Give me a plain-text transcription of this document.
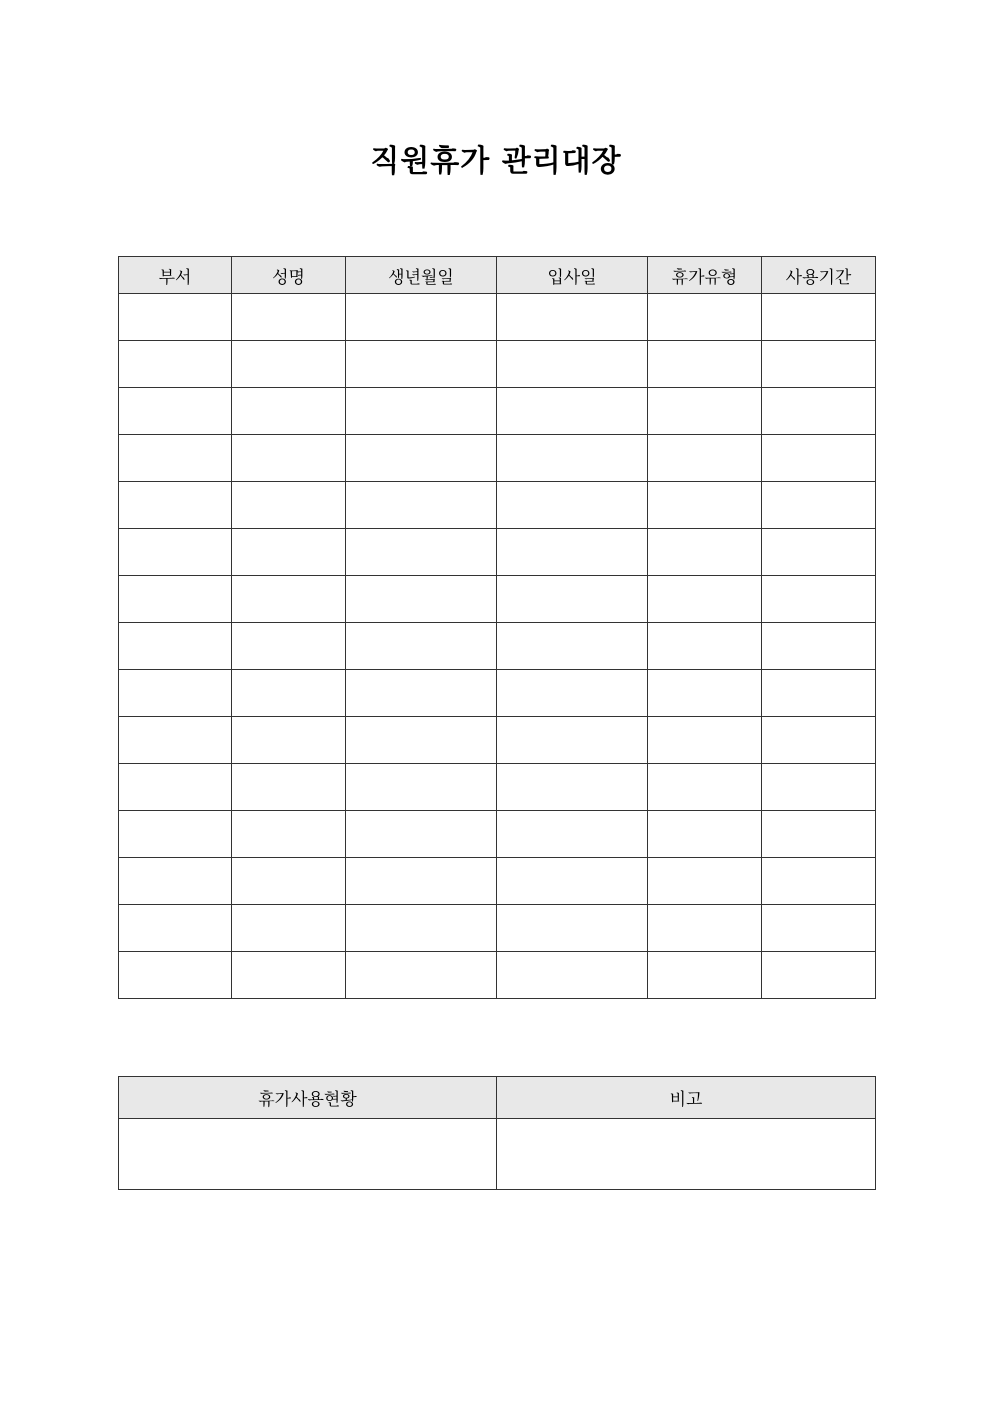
직원휴가 관리대장
부서	성명	생년월일	입사일	휴가유형	사용기간

휴가사용현황	비고
